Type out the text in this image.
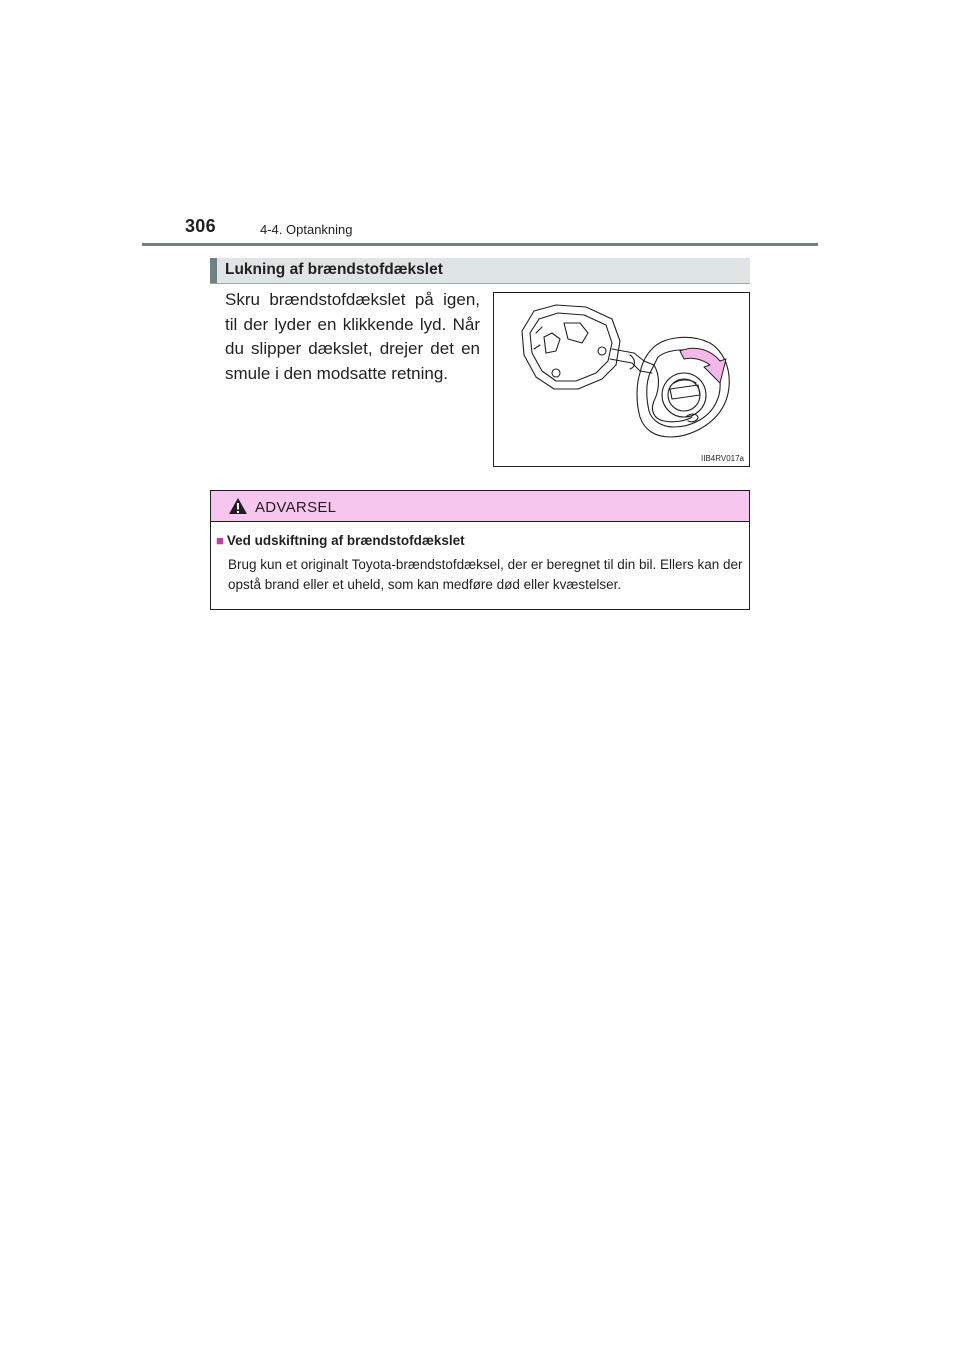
306	4-4. Optankning
Lukning af brændstofdækslet
Skru brændstofdækslet på igen, til der lyder en klikkende lyd. Når du slipper dækslet, drejer det en smule i den modsatte retning.
IIB4RV017a
ADVARSEL
■ Ved udskiftning af brændstofdækslet
Brug kun et originalt Toyota-brændstofdæksel, der er beregnet til din bil. Ellers kan der opstå brand eller et uheld, som kan medføre død eller kvæstelser.
